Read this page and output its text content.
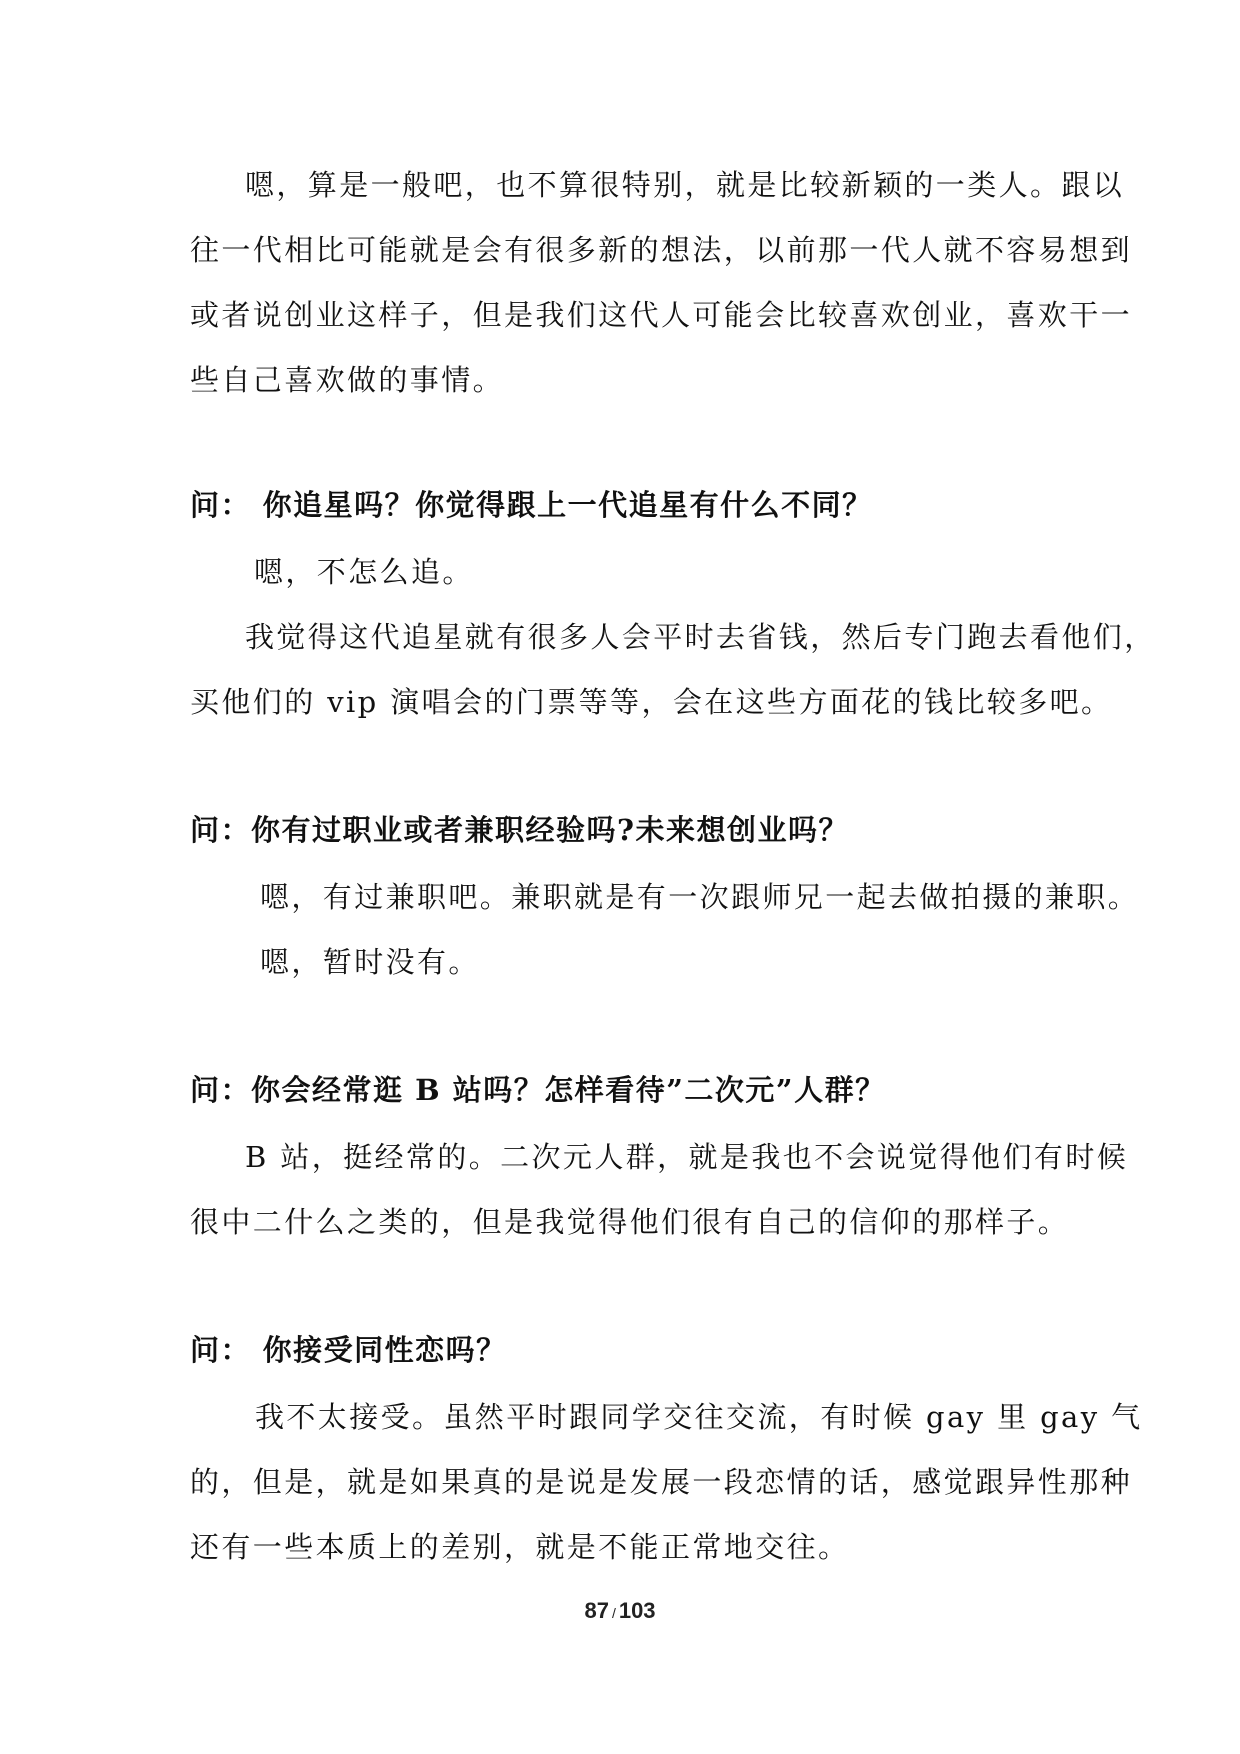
嗯，算是一般吧，也不算很特别，就是比较新颖的一类人。跟以
往一代相比可能就是会有很多新的想法，以前那一代人就不容易想到
或者说创业这样子，但是我们这代人可能会比较喜欢创业，喜欢干一
些自己喜欢做的事情。
问： 你追星吗？你觉得跟上一代追星有什么不同？
嗯，不怎么追。
我觉得这代追星就有很多人会平时去省钱，然后专门跑去看他们，
买他们的 vip 演唱会的门票等等，会在这些方面花的钱比较多吧。
问：你有过职业或者兼职经验吗?未来想创业吗？
嗯，有过兼职吧。兼职就是有一次跟师兄一起去做拍摄的兼职。
嗯，暂时没有。
问：你会经常逛 B 站吗？怎样看待”二次元”人群？
B 站，挺经常的。二次元人群，就是我也不会说觉得他们有时候
很中二什么之类的，但是我觉得他们很有自己的信仰的那样子。
问： 你接受同性恋吗？
我不太接受。虽然平时跟同学交往交流，有时候 gay 里 gay 气
的，但是，就是如果真的是说是发展一段恋情的话，感觉跟异性那种
还有一些本质上的差别，就是不能正常地交往。
87 / 103
